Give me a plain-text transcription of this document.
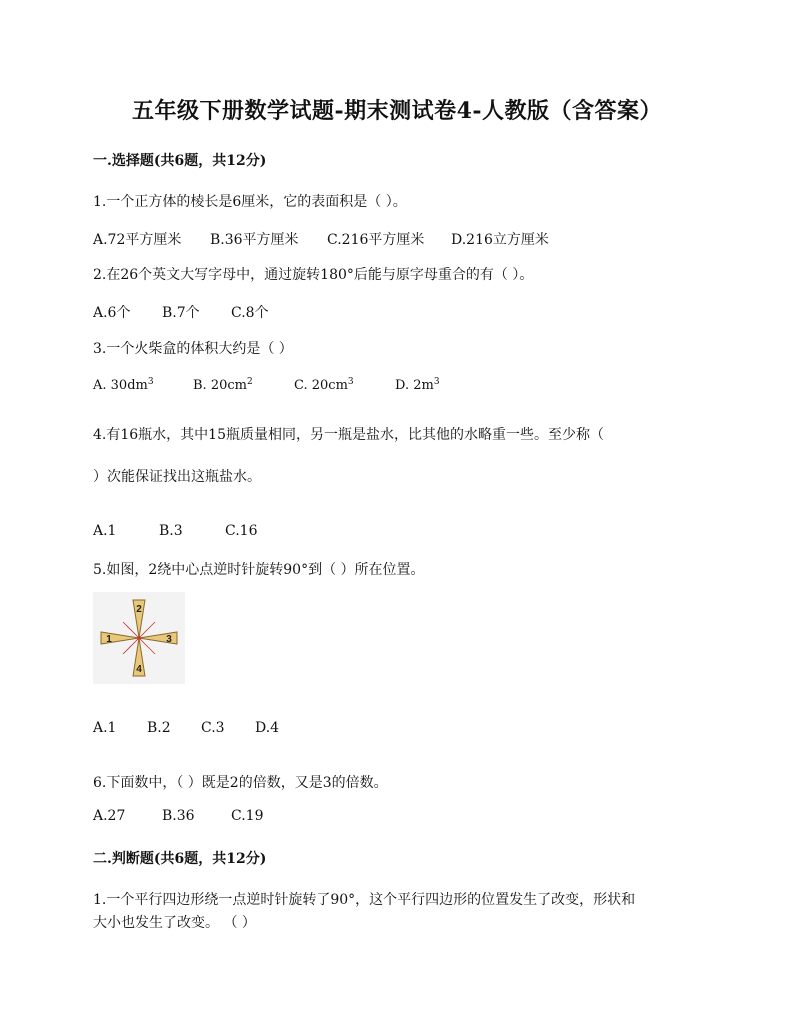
五年级下册数学试题-期末测试卷4-人教版（含答案）
一.选择题(共6题，共12分)
1.一个正方体的棱长是6厘米，它的表面积是（ ）。
A.72平方厘米 B.36平方厘米 C.216平方厘米 D.216立方厘米
2.在26个英文大写字母中，通过旋转180°后能与原字母重合的有（ ）。
A.6个 B.7个 C.8个
3.一个火柴盒的体积大约是（ ）
A. $30dm^3$	B. $20cm^2$	C. $20cm^3$	D. $2m^3$
4.有16瓶水，其中15瓶质量相同，另一瓶是盐水，比其他的水略重一些。至少称（
）次能保证找出这瓶盐水。
A.1	B.3	C.16
5.如图，2绕中心点逆时针旋转90°到（ ）所在位置。
2
3
4
1
A.1 B.2 C.3 D.4
6.下面数中，（ ）既是2的倍数，又是3的倍数。
A.27	B.36	C.19
二.判断题(共6题，共12分)
1.一个平行四边形绕一点逆时针旋转了90°，这个平行四边形的位置发生了改变，形状和
大小也发生了改变。 （ ）
